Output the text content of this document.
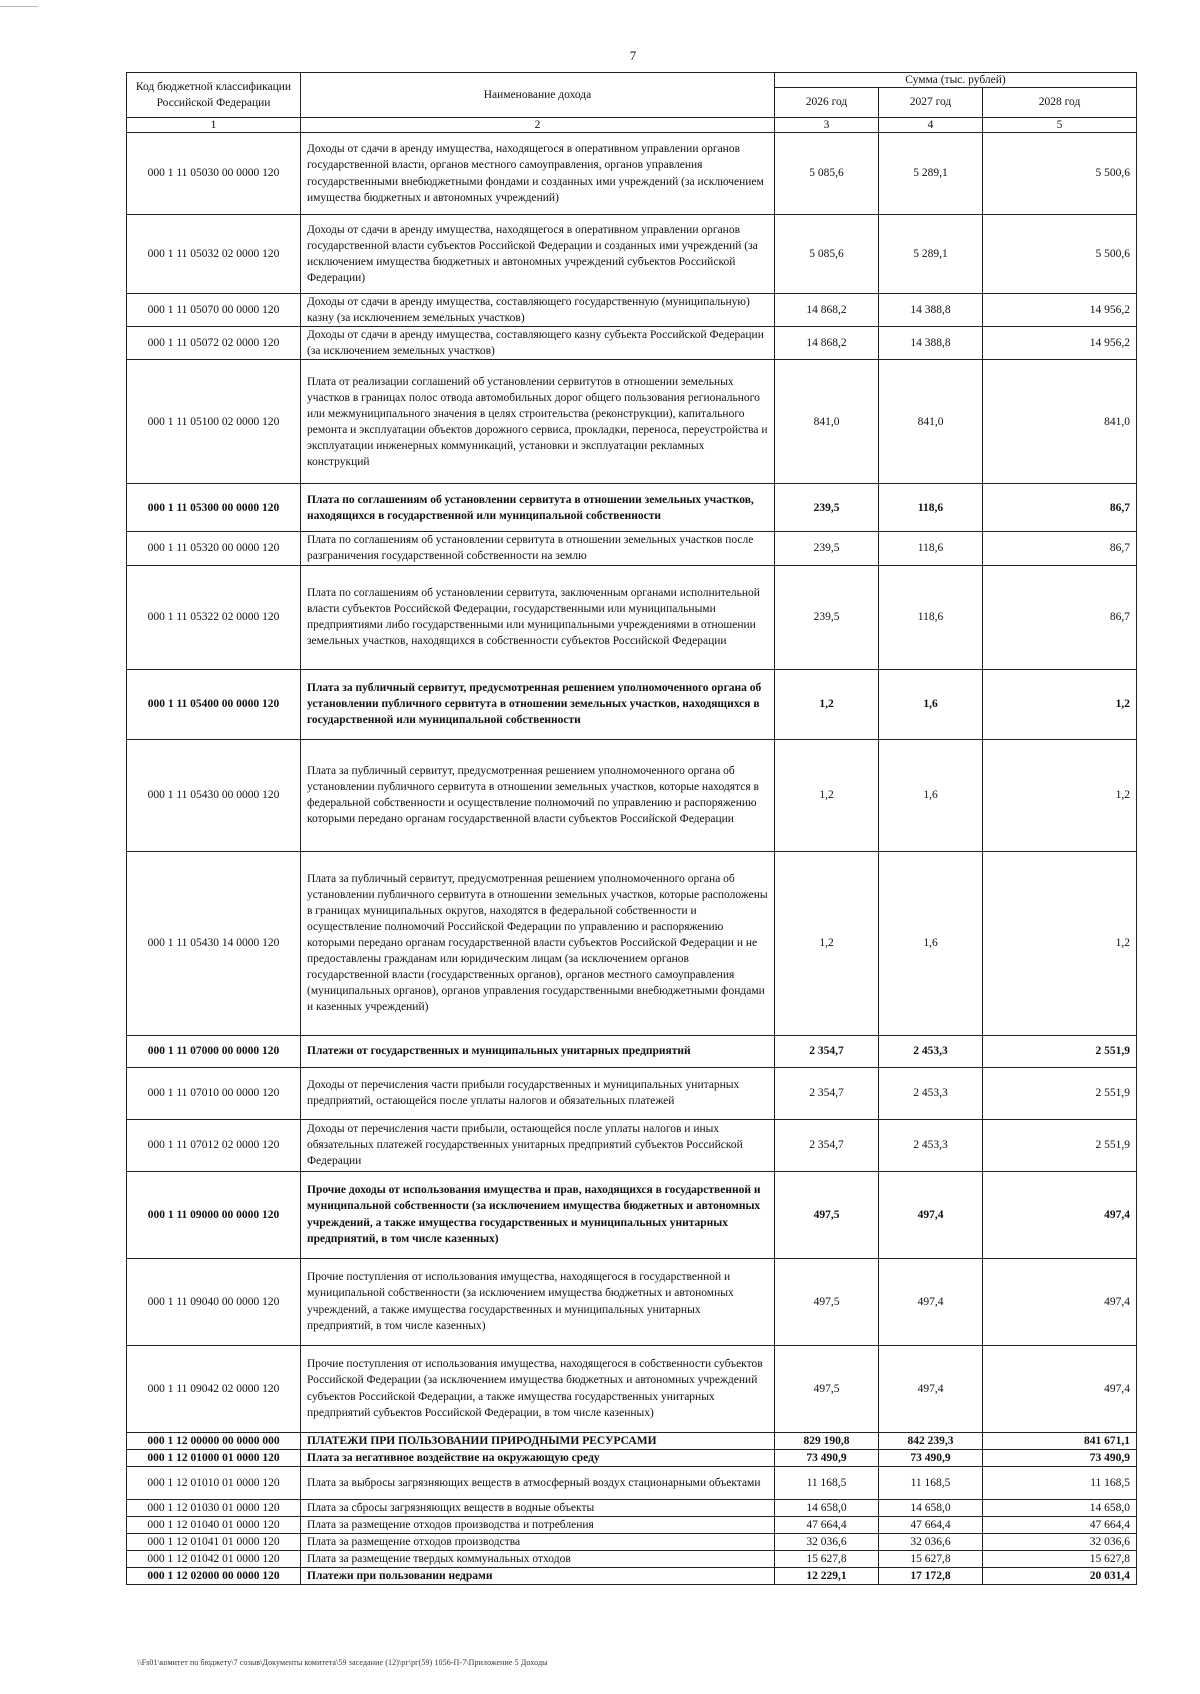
7
Код бюджетной классификации Российской Федерации	Наименование дохода	Сумма (тыс. рублей)		
		2026 год	2027 год	2028 год
1	2	3	4	5
000 1 11 05030 00 0000 120	Доходы от сдачи в аренду имущества, находящегося в оперативном управлении органов государственной власти, органов местного самоуправления, органов управления государственными внебюджетными фондами и созданных ими учреждений (за исключением имущества бюджетных и автономных учреждений)	5 085,6	5 289,1	5 500,6
000 1 11 05032 02 0000 120	Доходы от сдачи в аренду имущества, находящегося в оперативном управлении органов государственной власти субъектов Российской Федерации и созданных ими учреждений (за исключением имущества бюджетных и автономных учреждений субъектов Российской Федерации)	5 085,6	5 289,1	5 500,6
000 1 11 05070 00 0000 120	Доходы от сдачи в аренду имущества, составляющего государственную (муниципальную) казну (за исключением земельных участков)	14 868,2	14 388,8	14 956,2
000 1 11 05072 02 0000 120	Доходы от сдачи в аренду имущества, составляющего казну субъекта Российской Федерации (за исключением земельных участков)	14 868,2	14 388,8	14 956,2
000 1 11 05100 02 0000 120	Плата от реализации соглашений об установлении сервитутов в отношении земельных участков в границах полос отвода автомобильных дорог общего пользования регионального или межмуниципального значения в целях строительства (реконструкции), капитального ремонта и эксплуатации объектов дорожного сервиса, прокладки, переноса, переустройства и эксплуатации инженерных коммуникаций, установки и эксплуатации рекламных конструкций	841,0	841,0	841,0
000 1 11 05300 00 0000 120	Плата по соглашениям об установлении сервитута в отношении земельных участков, находящихся в государственной или муниципальной собственности	239,5	118,6	86,7
000 1 11 05320 00 0000 120	Плата по соглашениям об установлении сервитута в отношении земельных участков после разграничения государственной собственности на землю	239,5	118,6	86,7
000 1 11 05322 02 0000 120	Плата по соглашениям об установлении сервитута, заключенным органами исполнительной власти субъектов Российской Федерации, государственными или муниципальными предприятиями либо государственными или муниципальными учреждениями в отношении земельных участков, находящихся в собственности субъектов Российской Федерации	239,5	118,6	86,7
000 1 11 05400 00 0000 120	Плата за публичный сервитут, предусмотренная решением уполномоченного органа об установлении публичного сервитута в отношении земельных участков, находящихся в государственной или муниципальной собственности	1,2	1,6	1,2
000 1 11 05430 00 0000 120	Плата за публичный сервитут, предусмотренная решением уполномоченного органа об установлении публичного сервитута в отношении земельных участков, которые находятся в федеральной собственности и осуществление полномочий по управлению и распоряжению которыми передано органам государственной власти субъектов Российской Федерации	1,2	1,6	1,2
000 1 11 05430 14 0000 120	Плата за публичный сервитут, предусмотренная решением уполномоченного органа об установлении публичного сервитута в отношении земельных участков, которые расположены в границах муниципальных округов, находятся в федеральной собственности и осуществление полномочий Российской Федерации по управлению и распоряжению которыми передано органам государственной власти субъектов Российской Федерации и не предоставлены гражданам или юридическим лицам (за исключением органов государственной власти (государственных органов), органов местного самоуправления (муниципальных органов), органов управления государственными внебюджетными фондами и казенных учреждений)	1,2	1,6	1,2
000 1 11 07000 00 0000 120	Платежи от государственных и муниципальных унитарных предприятий	2 354,7	2 453,3	2 551,9
000 1 11 07010 00 0000 120	Доходы от перечисления части прибыли государственных и муниципальных унитарных предприятий, остающейся после уплаты налогов и обязательных платежей	2 354,7	2 453,3	2 551,9
000 1 11 07012 02 0000 120	Доходы от перечисления части прибыли, остающейся после уплаты налогов и иных обязательных платежей государственных унитарных предприятий субъектов Российской Федерации	2 354,7	2 453,3	2 551,9
000 1 11 09000 00 0000 120	Прочие доходы от использования имущества и прав, находящихся в государственной и муниципальной собственности (за исключением имущества бюджетных и автономных учреждений, а также имущества государственных и муниципальных унитарных предприятий, в том числе казенных)	497,5	497,4	497,4
000 1 11 09040 00 0000 120	Прочие поступления от использования имущества, находящегося в государственной и муниципальной собственности (за исключением имущества бюджетных и автономных учреждений, а также имущества государственных и муниципальных унитарных предприятий, в том числе казенных)	497,5	497,4	497,4
000 1 11 09042 02 0000 120	Прочие поступления от использования имущества, находящегося в собственности субъектов Российской Федерации (за исключением имущества бюджетных и автономных учреждений субъектов Российской Федерации, а также имущества государственных унитарных предприятий субъектов Российской Федерации, в том числе казенных)	497,5	497,4	497,4
000 1 12 00000 00 0000 000	ПЛАТЕЖИ ПРИ ПОЛЬЗОВАНИИ ПРИРОДНЫМИ РЕСУРСАМИ	829 190,8	842 239,3	841 671,1
000 1 12 01000 01 0000 120	Плата за негативное воздействие на окружающую среду	73 490,9	73 490,9	73 490,9
000 1 12 01010 01 0000 120	Плата за выбросы загрязняющих веществ в атмосферный воздух стационарными объектами	11 168,5	11 168,5	11 168,5
000 1 12 01030 01 0000 120	Плата за сбросы загрязняющих веществ в водные объекты	14 658,0	14 658,0	14 658,0
000 1 12 01040 01 0000 120	Плата за размещение отходов производства и потребления	47 664,4	47 664,4	47 664,4
000 1 12 01041 01 0000 120	Плата за размещение отходов производства	32 036,6	32 036,6	32 036,6
000 1 12 01042 01 0000 120	Плата за размещение твердых коммунальных отходов	15 627,8	15 627,8	15 627,8
000 1 12 02000 00 0000 120	Платежи при пользовании недрами	12 229,1	17 172,8	20 031,4
\\Fs01\комитет по бюджету\7 созыв\Документы комитета\59 заседание (12)\рг\рг(59) 1056-П-7\Приложение 5 Доходы
